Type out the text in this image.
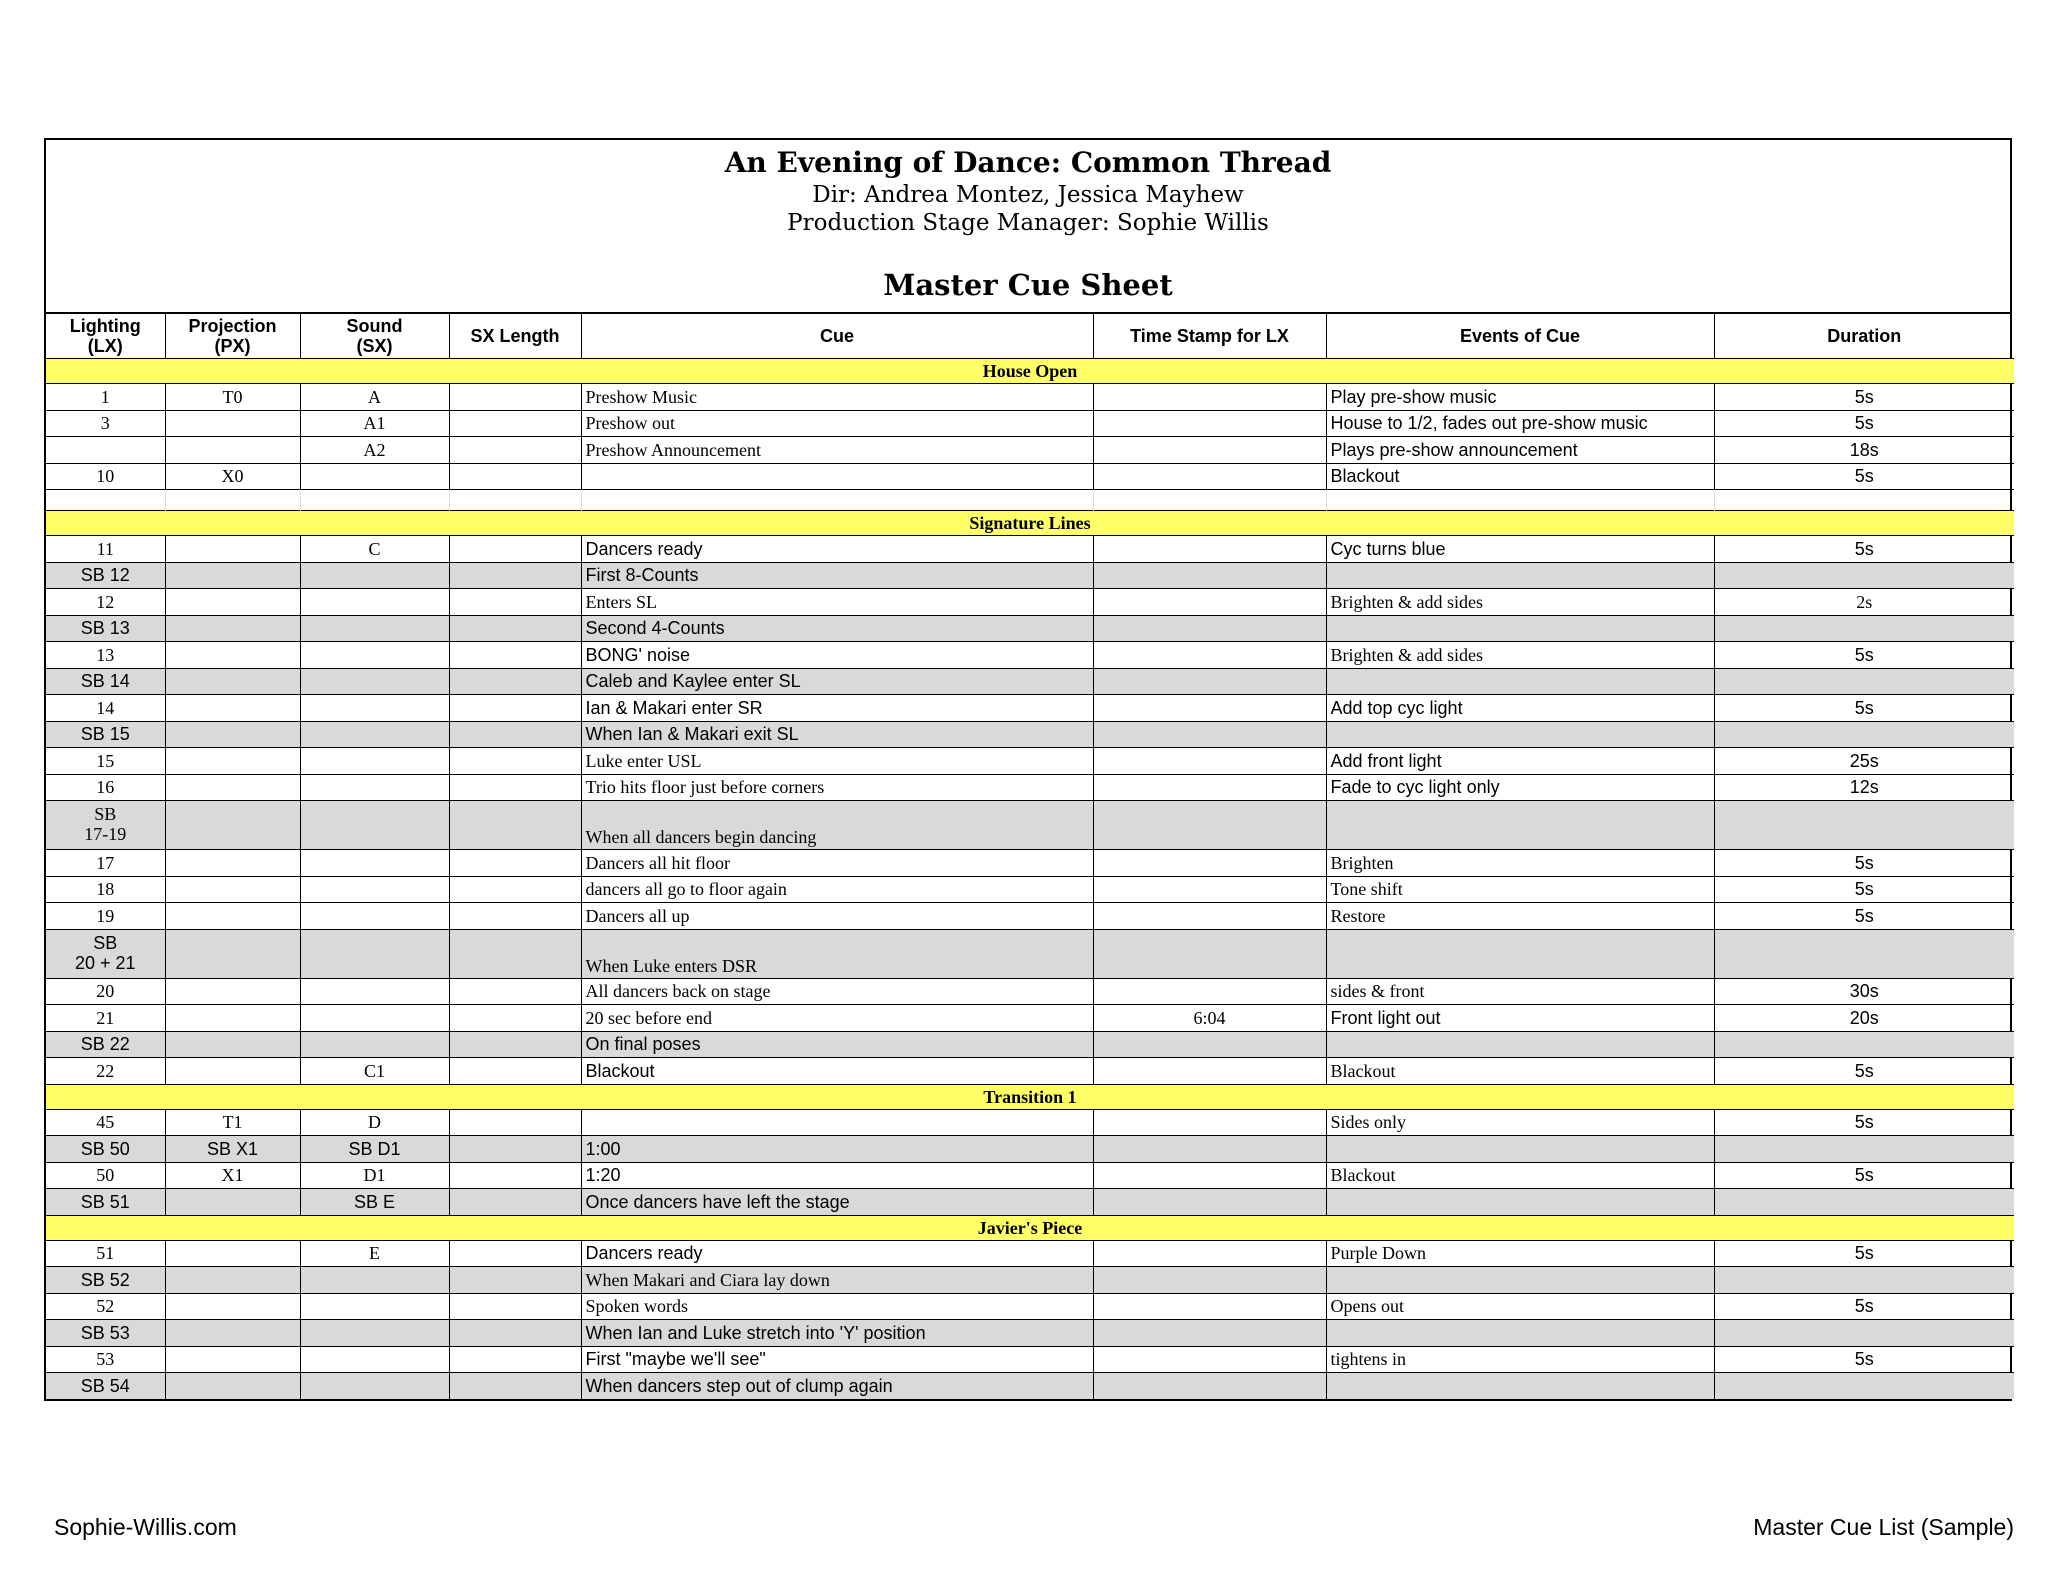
An Evening of Dance: Common Thread
Dir: Andrea Montez, Jessica Mayhew
Production Stage Manager: Sophie Willis
Master Cue Sheet
Lighting
(LX)	Projection
(PX)	Sound
(SX)	SX Length	Cue	Time Stamp for LX	Events of Cue	Duration
House Open							
1	T0	A		Preshow Music		Play pre-show music	5s
3		A1		Preshow out		House to 1/2, fades out pre-show music	5s
		A2		Preshow Announcement		Plays pre-show announcement	18s
10	X0					Blackout	5s

Signature Lines							
11		C		Dancers ready		Cyc turns blue	5s
SB 12				First 8-Counts			
12				Enters SL		Brighten & add sides	2s
SB 13				Second 4-Counts			
13				BONG' noise		Brighten & add sides	5s
SB 14				Caleb and Kaylee enter SL			
14				Ian & Makari enter SR		Add top cyc light	5s
SB 15				When Ian & Makari exit SL			
15				Luke enter USL		Add front light	25s
16				Trio hits floor just before corners		Fade to cyc light only	12s
SB
17-19				When all dancers begin dancing			
17				Dancers all hit floor		Brighten	5s
18				dancers all go to floor again		Tone shift	5s
19				Dancers all up		Restore	5s
SB
20 + 21				When Luke enters DSR			
20				All dancers back on stage		sides & front	30s
21				20 sec before end	6:04	Front light out	20s
SB 22				On final poses			
22		C1		Blackout		Blackout	5s
Transition 1							
45	T1	D				Sides only	5s
SB 50	SB X1	SB D1		1:00			
50	X1	D1		1:20		Blackout	5s
SB 51		SB E		Once dancers have left the stage			
Javier's Piece							
51		E		Dancers ready		Purple Down	5s
SB 52				When Makari and Ciara lay down			
52				Spoken words		Opens out	5s
SB 53				When Ian and Luke stretch into 'Y' position			
53				First "maybe we'll see"		tightens in	5s
SB 54				When dancers step out of clump again			
Sophie-Willis.com	Master Cue List (Sample)
